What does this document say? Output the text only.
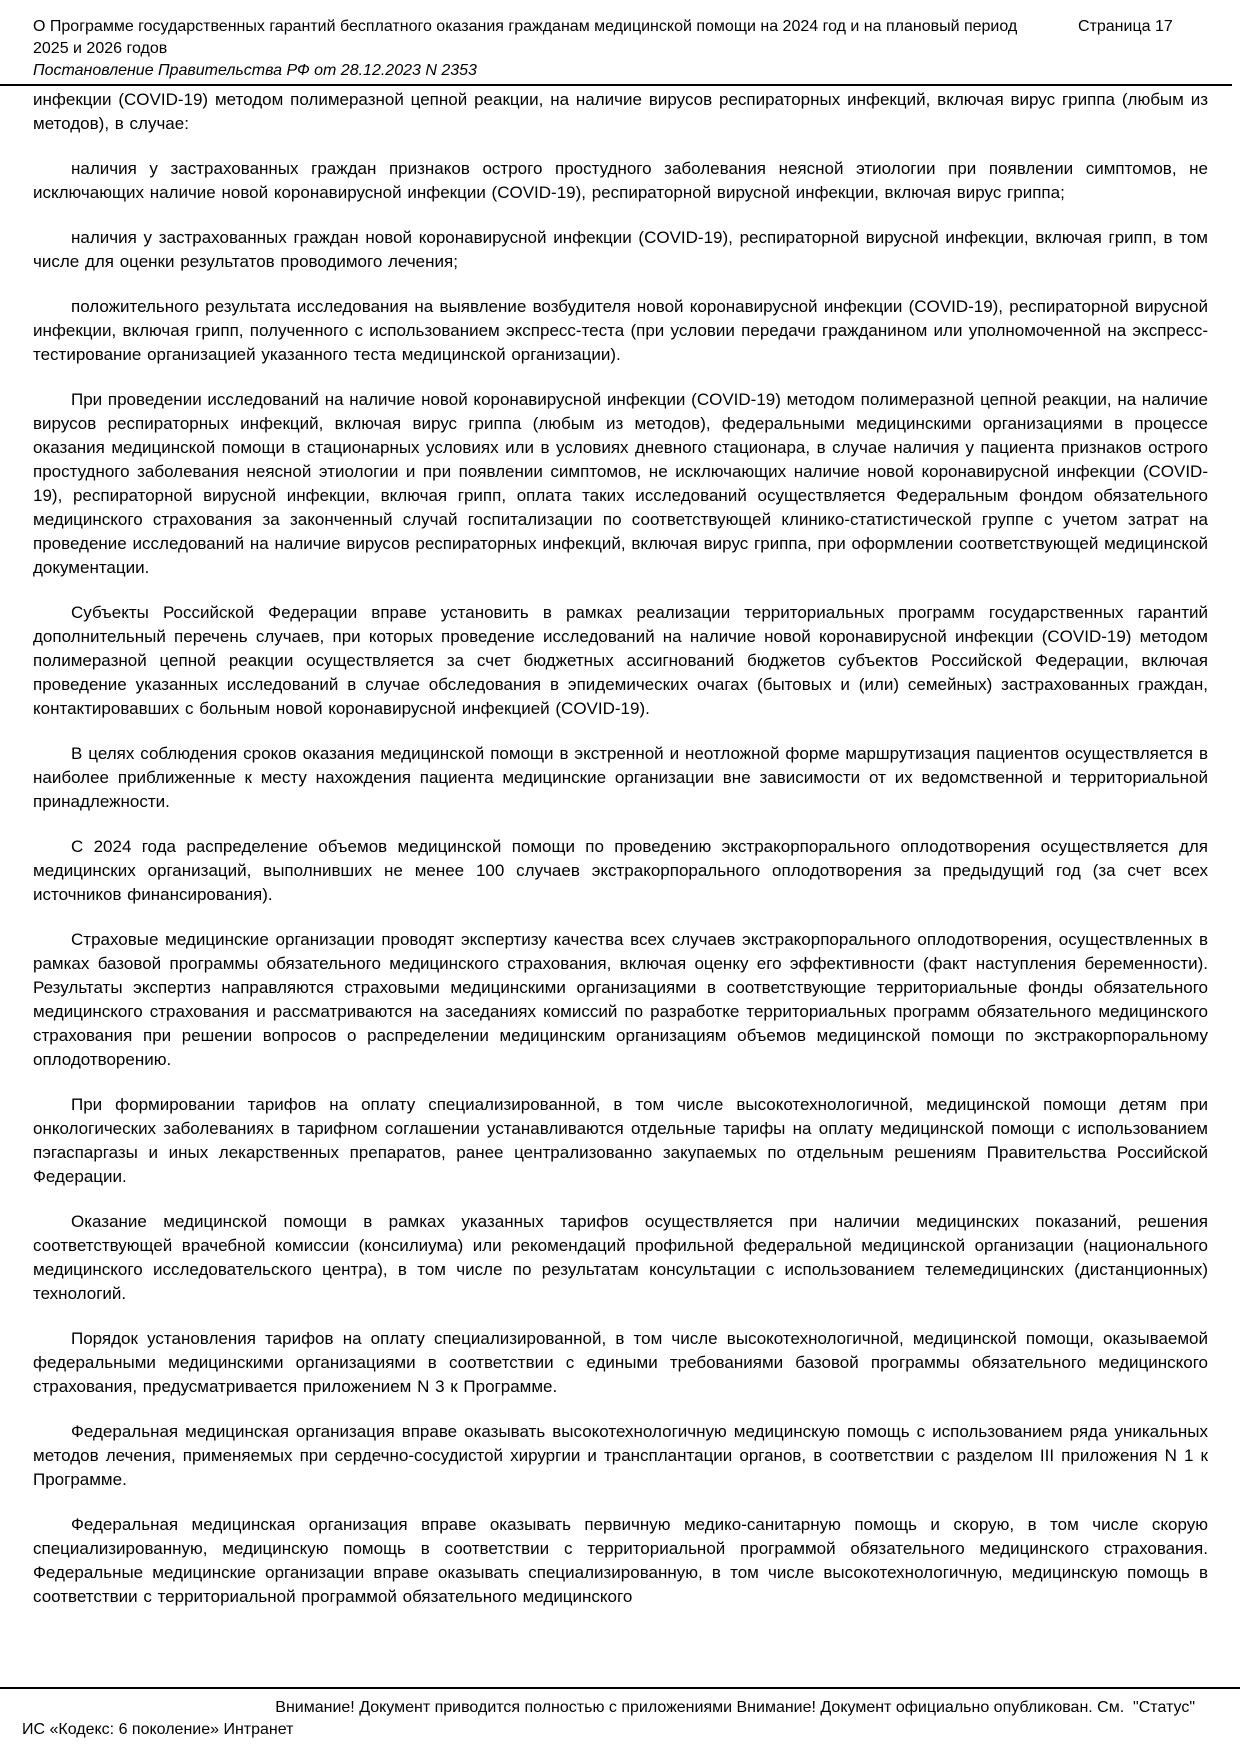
О Программе государственных гарантий бесплатного оказания гражданам медицинской помощи на 2024 год и на плановый период 2025 и 2026 годов
Страница 17
Постановление Правительства РФ от 28.12.2023 N 2353

инфекции (COVID-19) методом полимеразной цепной реакции, на наличие вирусов респираторных инфекций, включая вирус гриппа (любым из методов), в случае:

наличия у застрахованных граждан признаков острого простудного заболевания неясной этиологии при появлении симптомов, не исключающих наличие новой коронавирусной инфекции (COVID-19), респираторной вирусной инфекции, включая вирус гриппа;

наличия у застрахованных граждан новой коронавирусной инфекции (COVID-19), респираторной вирусной инфекции, включая грипп, в том числе для оценки результатов проводимого лечения;

положительного результата исследования на выявление возбудителя новой коронавирусной инфекции (COVID-19), респираторной вирусной инфекции, включая грипп, полученного с использованием экспресс-теста (при условии передачи гражданином или уполномоченной на экспресс-тестирование организацией указанного теста медицинской организации).

При проведении исследований на наличие новой коронавирусной инфекции (COVID-19) методом полимеразной цепной реакции, на наличие вирусов респираторных инфекций, включая вирус гриппа (любым из методов), федеральными медицинскими организациями в процессе оказания медицинской помощи в стационарных условиях или в условиях дневного стационара, в случае наличия у пациента признаков острого простудного заболевания неясной этиологии и при появлении симптомов, не исключающих наличие новой коронавирусной инфекции (COVID-19), респираторной вирусной инфекции, включая грипп, оплата таких исследований осуществляется Федеральным фондом обязательного медицинского страхования за законченный случай госпитализации по соответствующей клинико-статистической группе с учетом затрат на проведение исследований на наличие вирусов респираторных инфекций, включая вирус гриппа, при оформлении соответствующей медицинской документации.

Субъекты Российской Федерации вправе установить в рамках реализации территориальных программ государственных гарантий дополнительный перечень случаев, при которых проведение исследований на наличие новой коронавирусной инфекции (COVID-19) методом полимеразной цепной реакции осуществляется за счет бюджетных ассигнований бюджетов субъектов Российской Федерации, включая проведение указанных исследований в случае обследования в эпидемических очагах (бытовых и (или) семейных) застрахованных граждан, контактировавших с больным новой коронавирусной инфекцией (COVID-19).

В целях соблюдения сроков оказания медицинской помощи в экстренной и неотложной форме маршрутизация пациентов осуществляется в наиболее приближенные к месту нахождения пациента медицинские организации вне зависимости от их ведомственной и территориальной принадлежности.

С 2024 года распределение объемов медицинской помощи по проведению экстракорпорального оплодотворения осуществляется для медицинских организаций, выполнивших не менее 100 случаев экстракорпорального оплодотворения за предыдущий год (за счет всех источников финансирования).

Страховые медицинские организации проводят экспертизу качества всех случаев экстракорпорального оплодотворения, осуществленных в рамках базовой программы обязательного медицинского страхования, включая оценку его эффективности (факт наступления беременности). Результаты экспертиз направляются страховыми медицинскими организациями в соответствующие территориальные фонды обязательного медицинского страхования и рассматриваются на заседаниях комиссий по разработке территориальных программ обязательного медицинского страхования при решении вопросов о распределении медицинским организациям объемов медицинской помощи по экстракорпоральному оплодотворению.

При формировании тарифов на оплату специализированной, в том числе высокотехнологичной, медицинской помощи детям при онкологических заболеваниях в тарифном соглашении устанавливаются отдельные тарифы на оплату медицинской помощи с использованием пэгаспаргазы и иных лекарственных препаратов, ранее централизованно закупаемых по отдельным решениям Правительства Российской Федерации.

Оказание медицинской помощи в рамках указанных тарифов осуществляется при наличии медицинских показаний, решения соответствующей врачебной комиссии (консилиума) или рекомендаций профильной федеральной медицинской организации (национального медицинского исследовательского центра), в том числе по результатам консультации с использованием телемедицинских (дистанционных) технологий.

Порядок установления тарифов на оплату специализированной, в том числе высокотехнологичной, медицинской помощи, оказываемой федеральными медицинскими организациями в соответствии с едиными требованиями базовой программы обязательного медицинского страхования, предусматривается приложением N 3 к Программе.

Федеральная медицинская организация вправе оказывать высокотехнологичную медицинскую помощь с использованием ряда уникальных методов лечения, применяемых при сердечно-сосудистой хирургии и трансплантации органов, в соответствии с разделом III приложения N 1 к Программе.

Федеральная медицинская организация вправе оказывать первичную медико-санитарную помощь и скорую, в том числе скорую специализированную, медицинскую помощь в соответствии с территориальной программой обязательного медицинского страхования. Федеральные медицинские организации вправе оказывать специализированную, в том числе высокотехнологичную, медицинскую помощь в соответствии с территориальной программой обязательного медицинского

Внимание! Документ приводится полностью с приложениями Внимание! Документ официально опубликован. См.  "Статус"
ИС «Кодекс: 6 поколение» Интранет
